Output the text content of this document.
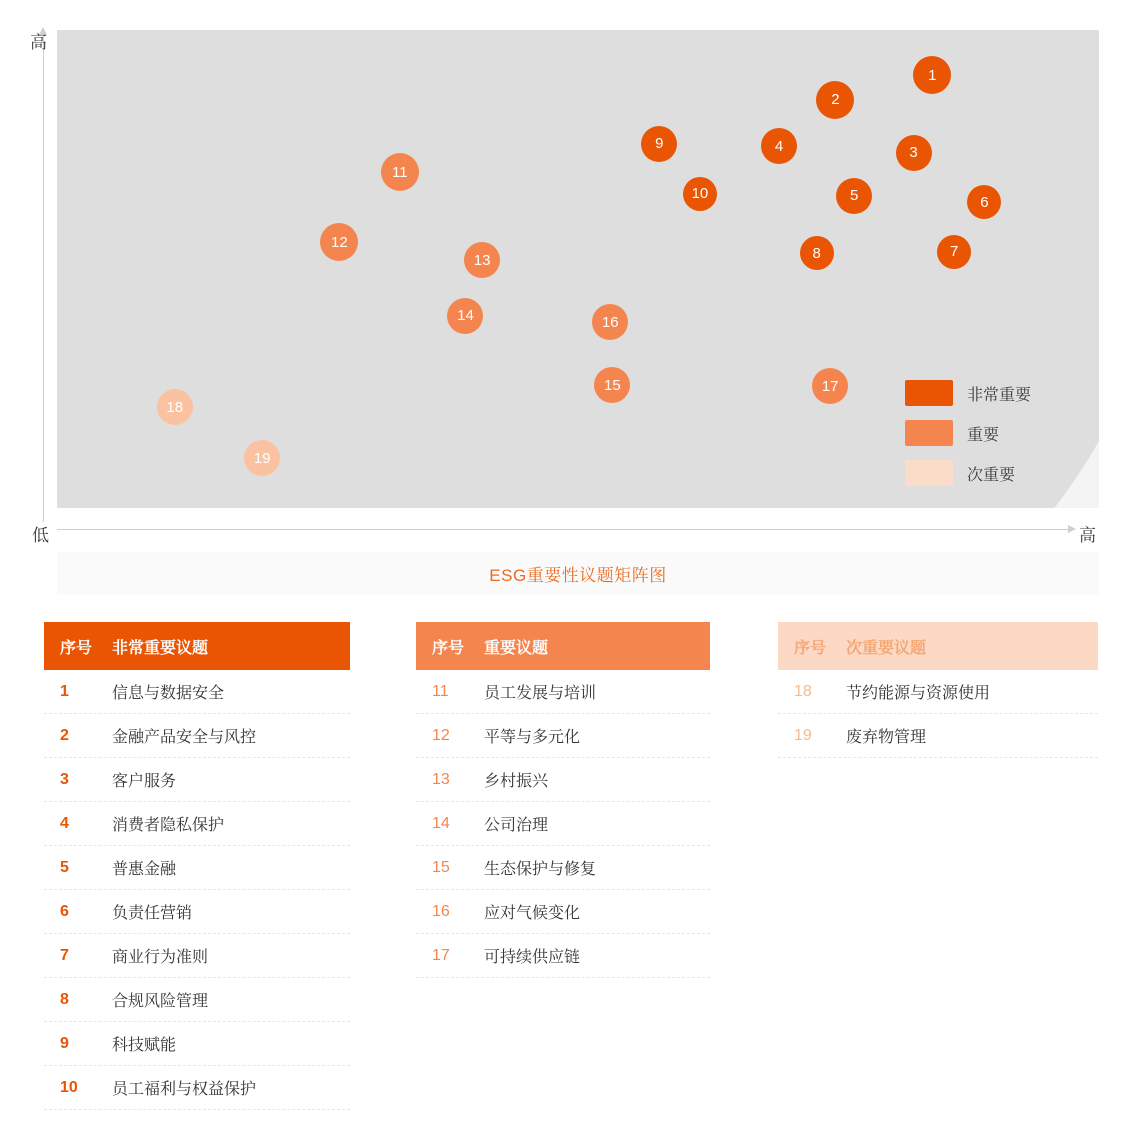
1
2
3
4
5	6
7
8
9
10
11
12
13
14
15
16
17
18
19
非常重要
重要
次重要
高
低	高
ESG重要性议题矩阵图
序号	非常重要议题
1	信息与数据安全
2	金融产品安全与风控
3	客户服务
4	消费者隐私保护
5	普惠金融
6	负责任营销
7	商业行为准则
8	合规风险管理
9	科技赋能
10	员工福利与权益保护
序号	重要议题
11	员工发展与培训
12	平等与多元化
13	乡村振兴
14	公司治理
15	生态保护与修复
16	应对气候变化
17	可持续供应链
序号	次重要议题
18	节约能源与资源使用
19	废弃物管理
